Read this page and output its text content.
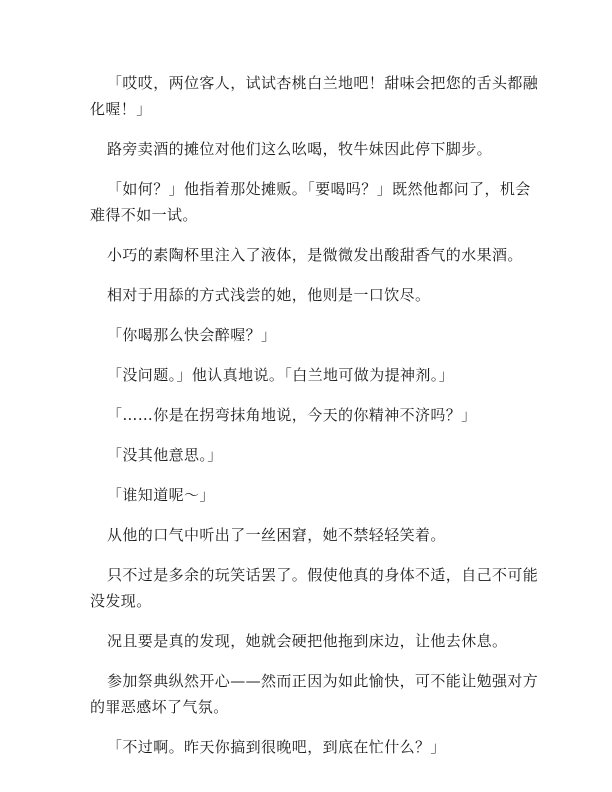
「哎哎，两位客人，试试杏桃白兰地吧！甜味会把您的舌头都融化喔！」

路旁卖酒的摊位对他们这么吆喝，牧牛妹因此停下脚步。

「如何？」他指着那处摊贩。「要喝吗？」既然他都问了，机会难得不如一试。

小巧的素陶杯里注入了液体，是微微发出酸甜香气的水果酒。

相对于用舔的方式浅尝的她，他则是一口饮尽。

「你喝那么快会醉喔？」

「没问题。」他认真地说。「白兰地可做为提神剂。」

「……你是在拐弯抹角地说，今天的你精神不济吗？」

「没其他意思。」

「谁知道呢～」

从他的口气中听出了一丝困窘，她不禁轻轻笑着。

只不过是多余的玩笑话罢了。假使他真的身体不适，自己不可能没发现。

况且要是真的发现，她就会硬把他拖到床边，让他去休息。

参加祭典纵然开心——然而正因为如此愉快，可不能让勉强对方的罪恶感坏了气氛。

「不过啊。昨天你搞到很晚吧，到底在忙什么？」
